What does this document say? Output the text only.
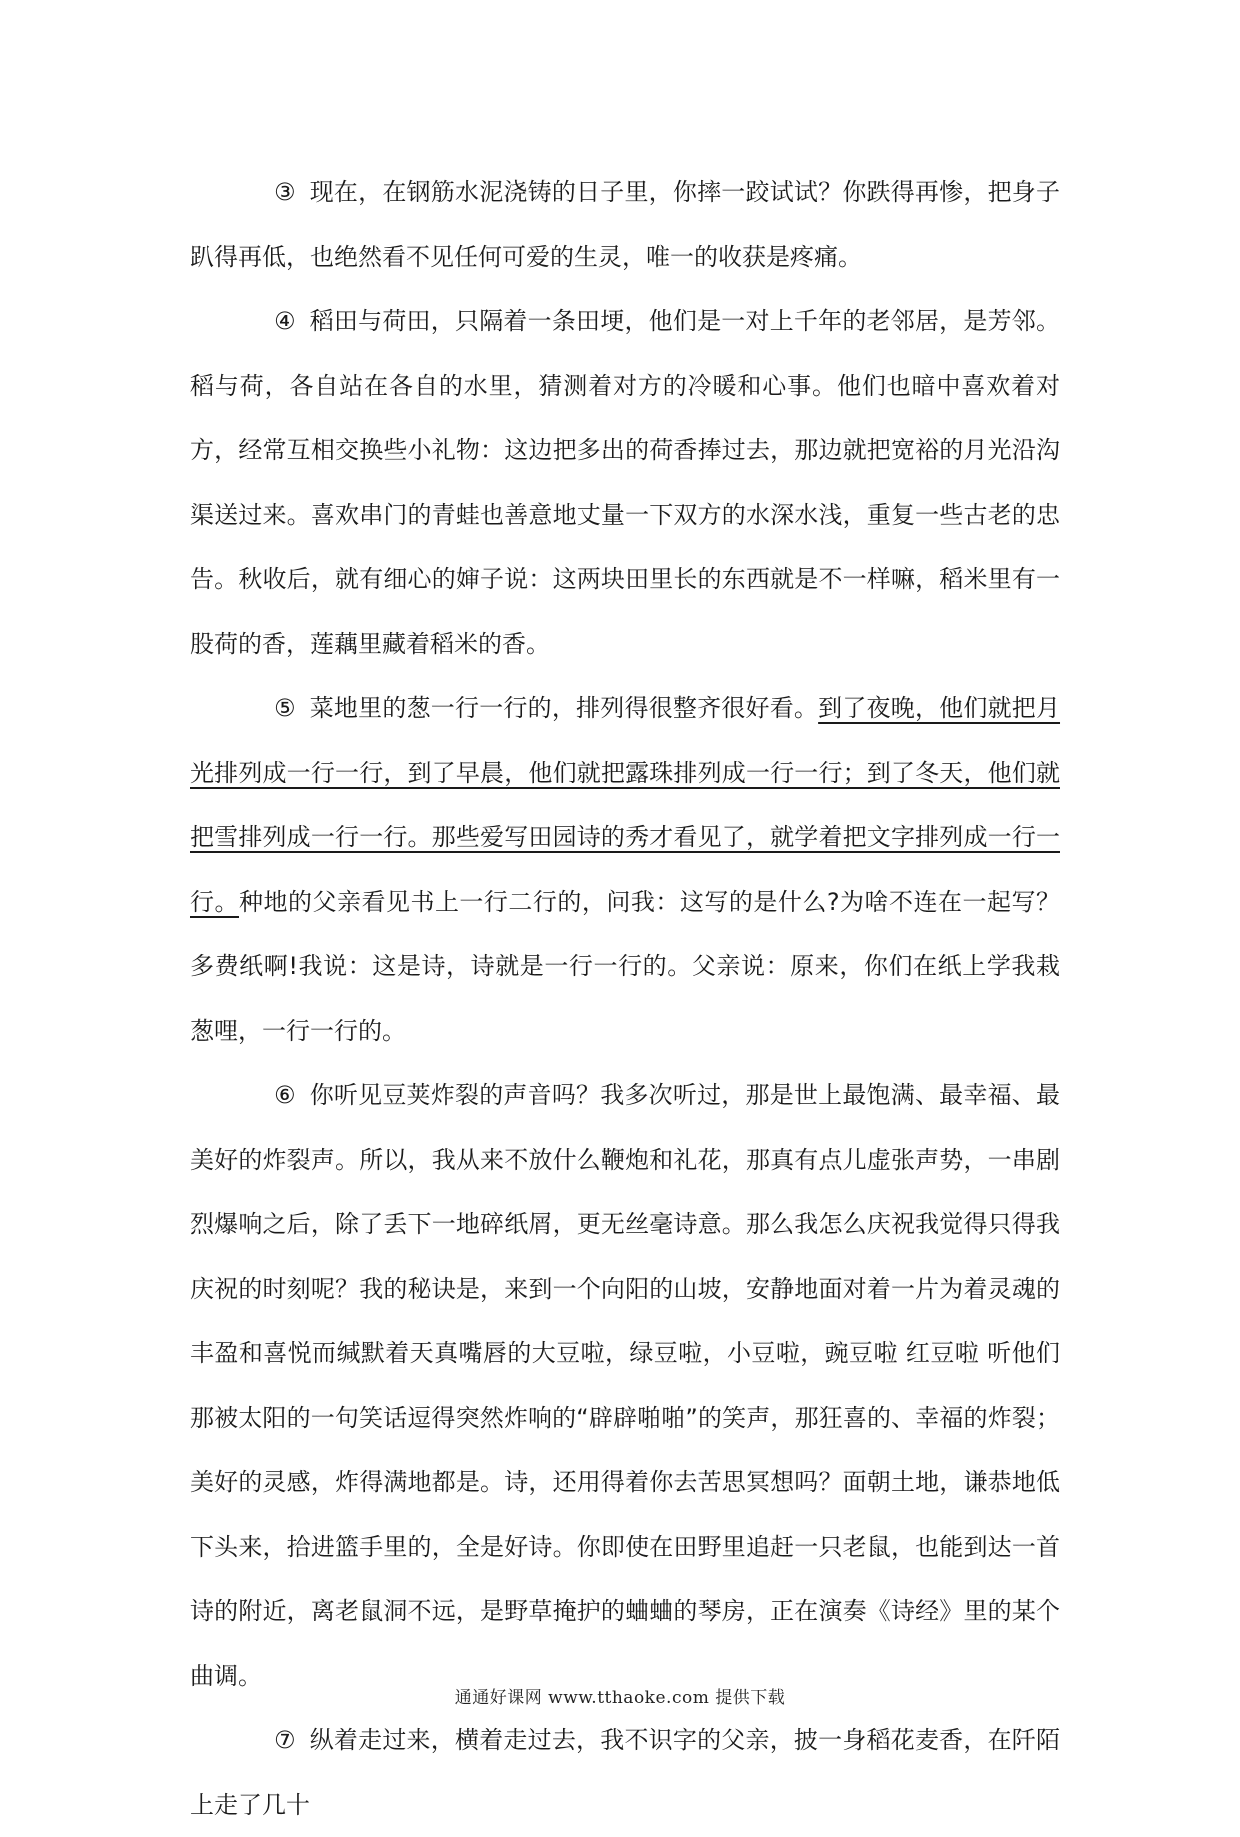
③ 现在，在钢筋水泥浇铸的日子里，你摔一跤试试？你跌得再惨，把身子趴得再低，也绝然看不见任何可爱的生灵，唯一的收获是疼痛。

④ 稻田与荷田，只隔着一条田埂，他们是一对上千年的老邻居，是芳邻。稻与荷，各自站在各自的水里，猜测着对方的冷暖和心事。他们也暗中喜欢着对方，经常互相交换些小礼物：这边把多出的荷香捧过去，那边就把宽裕的月光沿沟渠送过来。喜欢串门的青蛙也善意地丈量一下双方的水深水浅，重复一些古老的忠告。秋收后，就有细心的婶子说：这两块田里长的东西就是不一样嘛，稻米里有一股荷的香，莲藕里藏着稻米的香。

⑤ 菜地里的葱一行一行的，排列得很整齐很好看。到了夜晚，他们就把月光排列成一行一行，到了早晨，他们就把露珠排列成一行一行；到了冬天，他们就把雪排列成一行一行。那些爱写田园诗的秀才看见了，就学着把文字排列成一行一行。种地的父亲看见书上一行二行的，问我：这写的是什么?为啥不连在一起写？多费纸啊!我说：这是诗，诗就是一行一行的。父亲说：原来，你们在纸上学我栽葱哩，一行一行的。

⑥ 你听见豆荚炸裂的声音吗？我多次听过，那是世上最饱满、最幸福、最美好的炸裂声。所以，我从来不放什么鞭炮和礼花，那真有点儿虚张声势，一串剧烈爆响之后，除了丢下一地碎纸屑，更无丝毫诗意。那么我怎么庆祝我觉得只得我庆祝的时刻呢？我的秘诀是，来到一个向阳的山坡，安静地面对着一片为着灵魂的丰盈和喜悦而缄默着天真嘴唇的大豆啦，绿豆啦，小豆啦，豌豆啦 红豆啦 听他们那被太阳的一句笑话逗得突然炸响的“辟辟啪啪”的笑声，那狂喜的、幸福的炸裂；美好的灵感，炸得满地都是。诗，还用得着你去苦思冥想吗？面朝土地，谦恭地低下头来，拾进篮手里的，全是好诗。你即使在田野里追赶一只老鼠，也能到达一首诗的附近，离老鼠洞不远，是野草掩护的蛐蛐的琴房，正在演奏《诗经》里的某个曲调。

⑦ 纵着走过来，横着走过去，我不识字的父亲，披一身稻花麦香，在阡陌上走了几十

通通好课网 www.tthaoke.com 提供下载
